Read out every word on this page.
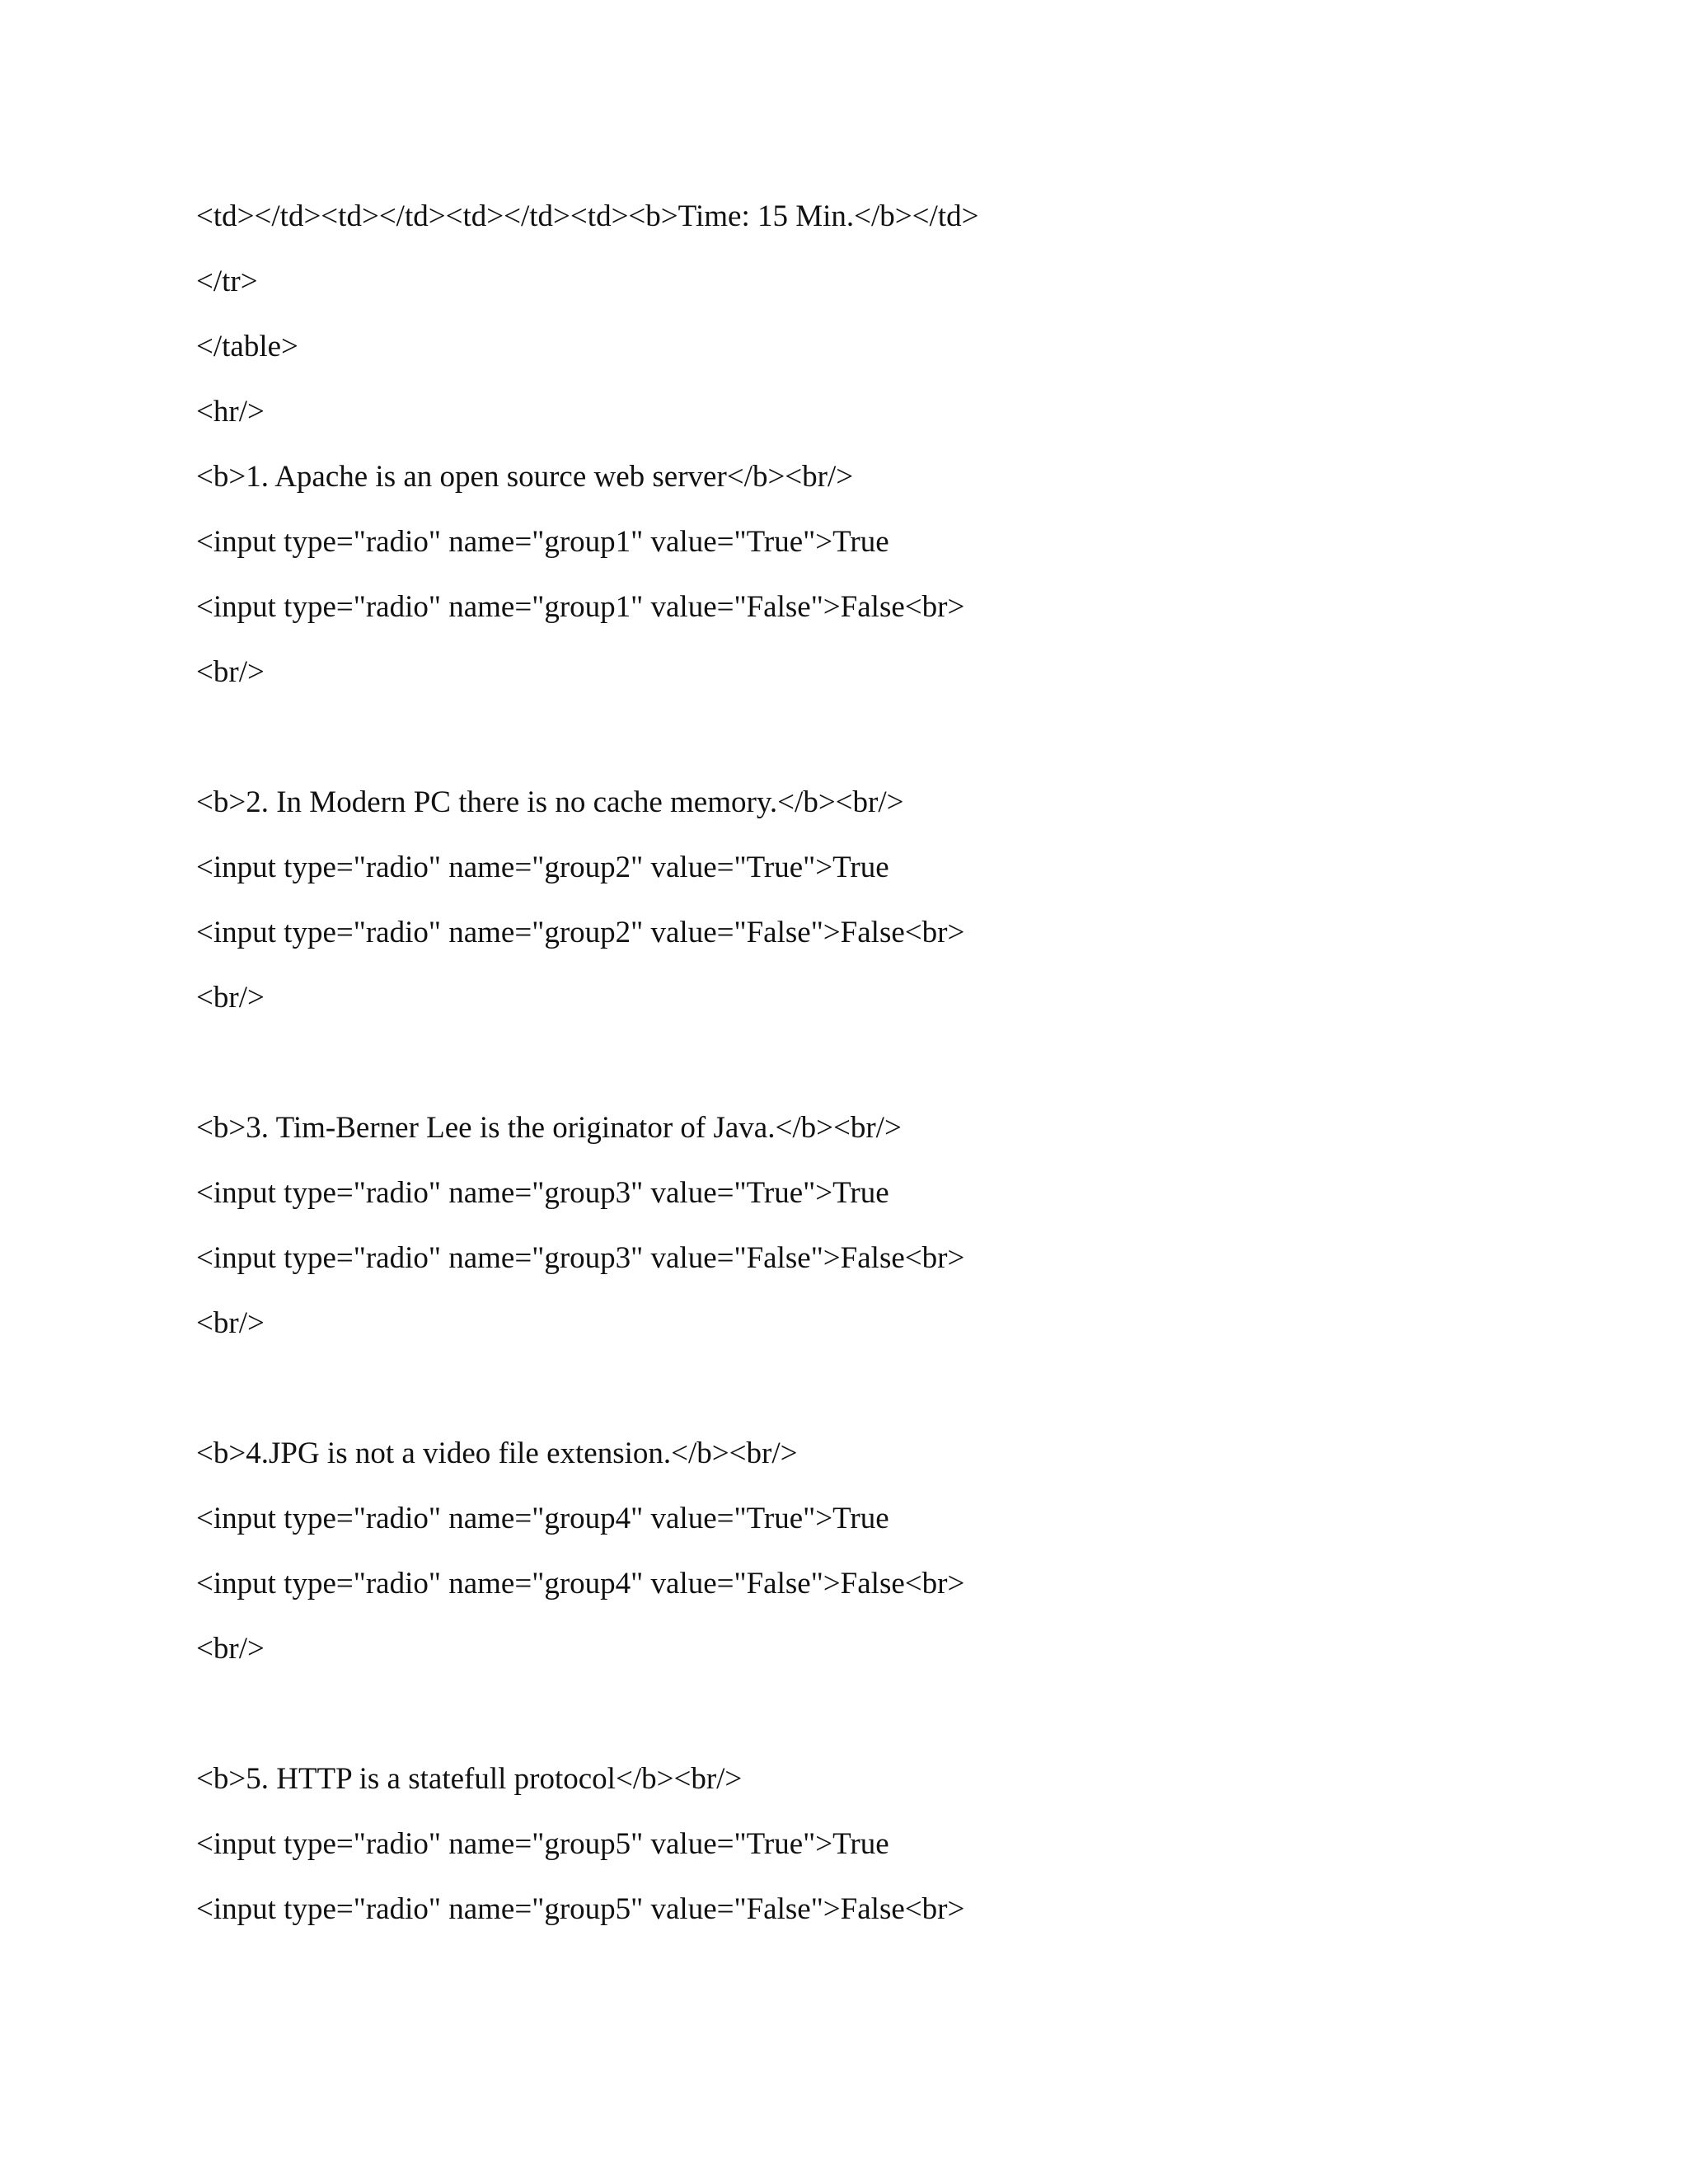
<td></td><td></td><td></td><td><b>Time: 15 Min.</b></td>
</tr>
</table>
<hr/>
<b>1. Apache is an open source web server</b><br/>
<input type="radio" name="group1" value="True">True
<input type="radio" name="group1" value="False">False<br>
<br/>
<b>2. In Modern PC there is no cache memory.</b><br/>
<input type="radio" name="group2" value="True">True
<input type="radio" name="group2" value="False">False<br>
<br/>
<b>3. Tim-Berner Lee is the originator of Java.</b><br/>
<input type="radio" name="group3" value="True">True
<input type="radio" name="group3" value="False">False<br>
<br/>
<b>4.JPG is not a video file extension.</b><br/>
<input type="radio" name="group4" value="True">True
<input type="radio" name="group4" value="False">False<br>
<br/>
<b>5. HTTP is a statefull protocol</b><br/>
<input type="radio" name="group5" value="True">True
<input type="radio" name="group5" value="False">False<br>
